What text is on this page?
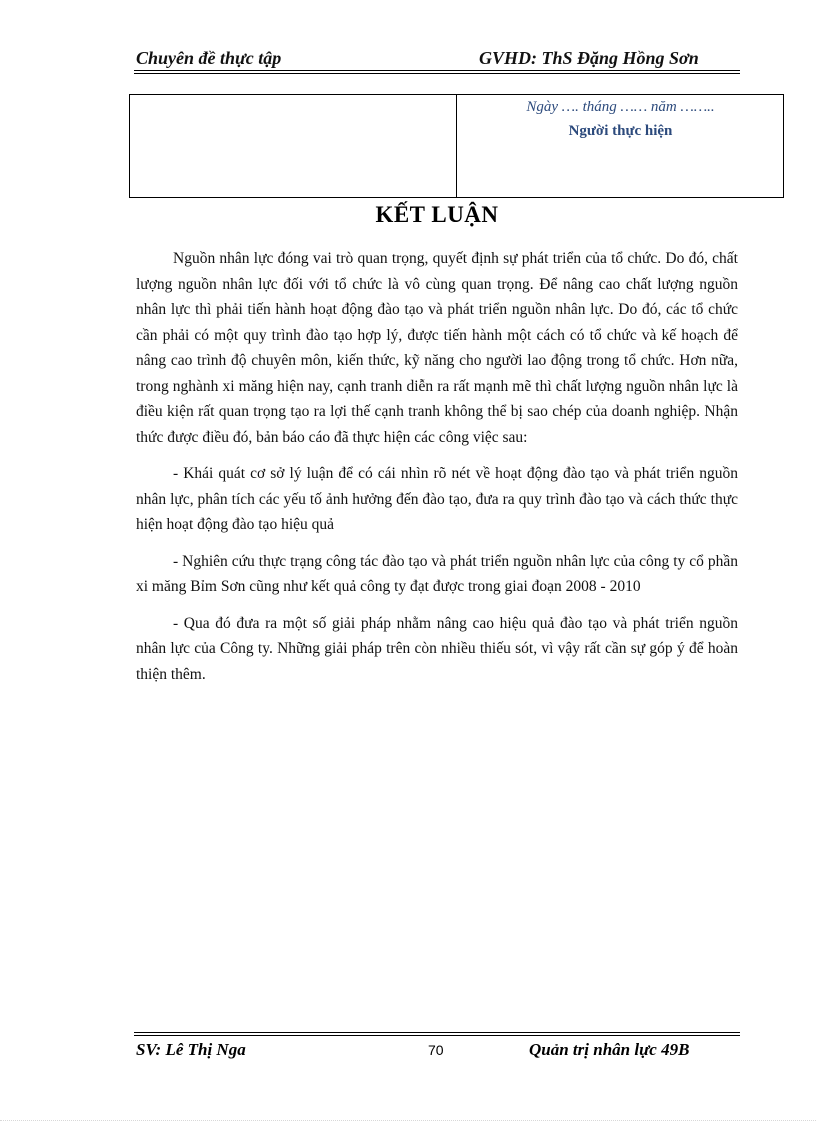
Chuyên đề thực tập	GVHD: ThS Đặng Hồng Sơn
Ngày …. tháng …… năm ……..
Người thực hiện
KẾT LUẬN

Nguồn nhân lực đóng vai trò quan trọng, quyết định sự phát triển của tổ chức. Do đó, chất lượng nguồn nhân lực đối với tổ chức là vô cùng quan trọng. Để nâng cao chất lượng nguồn nhân lực thì phải tiến hành hoạt động đào tạo và phát triển nguồn nhân lực. Do đó, các tổ chức cần phải có một quy trình đào tạo hợp lý, được tiến hành một cách có tổ chức và kế hoạch để nâng cao trình độ chuyên môn, kiến thức, kỹ năng cho người lao động trong tổ chức. Hơn nữa, trong nghành xi măng hiện nay, cạnh tranh diễn ra rất mạnh mẽ thì chất lượng nguồn nhân lực là điều kiện rất quan trọng tạo ra lợi thế cạnh tranh không thể bị sao chép của doanh nghiệp. Nhận thức được điều đó, bản báo cáo đã thực hiện các công việc sau:

- Khái quát cơ sở lý luận để có cái nhìn rõ nét về hoạt động đào tạo và phát triển nguồn nhân lực, phân tích các yếu tố ảnh hưởng đến đào tạo, đưa ra quy trình đào tạo và cách thức thực hiện hoạt động đào tạo hiệu quả

- Nghiên cứu thực trạng công tác đào tạo và phát triển nguồn nhân lực của công ty cổ phần xi măng Bỉm Sơn cũng như kết quả công ty đạt được trong giai đoạn 2008 - 2010

- Qua đó đưa ra một số giải pháp nhằm nâng cao hiệu quả đào tạo và phát triển nguồn nhân lực của Công ty. Những giải pháp trên còn nhiều thiếu sót, vì vậy rất cần sự góp ý để hoàn thiện thêm.

SV: Lê Thị Nga	70	Quản trị nhân lực 49B
